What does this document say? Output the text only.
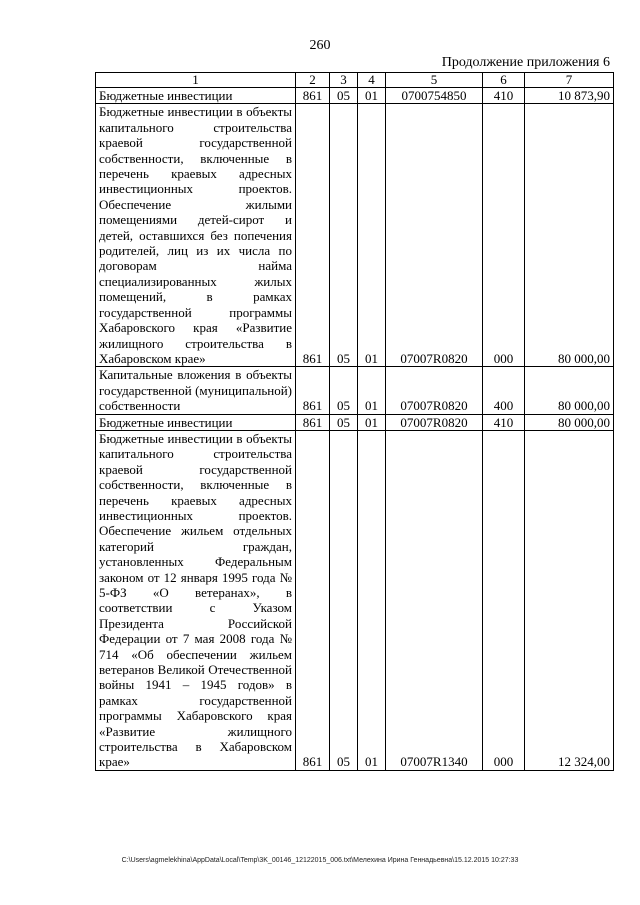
260
Продолжение приложения 6
1	2	3	4	5	6	7
Бюджетные инвестиции	861	05	01	0700754850	410	10 873,90
Бюджетные инвестиции в объекты капитального строительства краевой государственной собственности, включенные в перечень краевых адресных инвестиционных проектов. Обеспечение жилыми помещениями детей-сирот и детей, оставшихся без попечения родителей, лиц из их числа по договорам найма специализированных жилых помещений, в рамках государственной программы Хабаровского края «Развитие жилищного строительства в Хабаровском крае»	861	05	01	07007R0820	000	80 000,00
Капитальные вложения в объекты государственной (муниципальной) собственности	861	05	01	07007R0820	400	80 000,00
Бюджетные инвестиции	861	05	01	07007R0820	410	80 000,00
Бюджетные инвестиции в объекты капитального строительства краевой государственной собственности, включенные в перечень краевых адресных инвестиционных проектов. Обеспечение жильем отдельных категорий граждан, установленных Федеральным законом от 12 января 1995 года № 5-ФЗ «О ветеранах», в соответствии с Указом Президента Российской Федерации от 7 мая 2008 года № 714 «Об обеспечении жильем ветеранов Великой Отечественной войны 1941 – 1945 годов» в рамках государственной программы Хабаровского края «Развитие жилищного строительства в Хабаровском крае»	861	05	01	07007R1340	000	12 324,00
C:\Users\agmelekhina\AppData\Local\Temp\3K_00146_12122015_006.txt\Мелехина Ирина Геннадьевна\15.12.2015 10:27:33
